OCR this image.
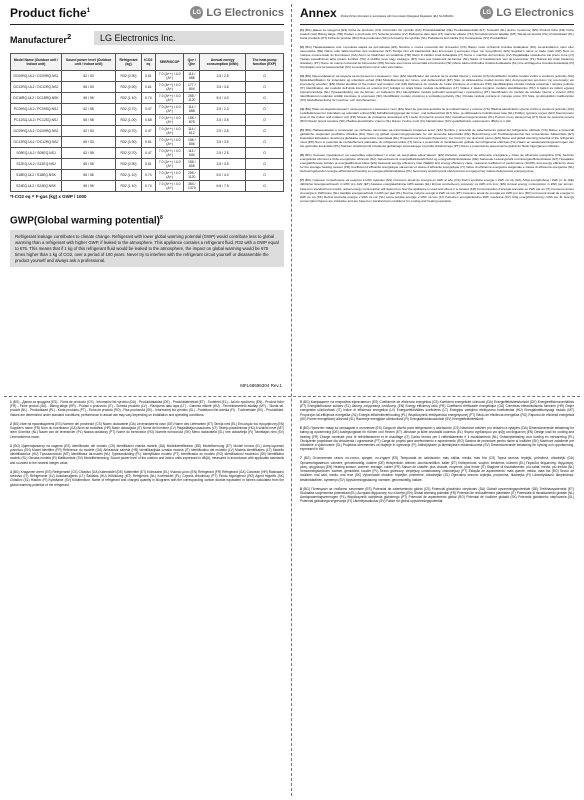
Product fiche$^1$	LG LG Electronics
Manufacturer$^2$	LG Electronics Inc.
Model Name (Outdoor unit / Indoor unit)	Sound power level (Outdoor unit / Indoor unit)	Refrigerant (kg)	tCO2 eq	SEER/SCOP	Qce / Qhe	Annual energy consumption (kWh)	The heat pump function (EXP)
DC09RQ.UL2 / DC09RQ.NSJ	62 / 53	R32 (0.90)	0.61	7.0 (A++) / 4.0 (A+)	114 / 686	2.5 / 2.5	O
DC12RQ.UL2 / DC12RQ.NSJ	65 / 53	R32 (0.90)	0.61	7.0 (A++) / 4.0 (A+)	177 / 804	3.5 / 3.6	O
DC18RQ.UL2 / DC18RQ.NSK	65 / 59	R32 (1.10)	0.74	7.0 (A++) / 4.0 (A+)	255 / 1120	5.0 / 4.0	O
PC09SQ.UL2 / PC09SQ.NSJ	62 / 55	R32 (0.70)	0.47	7.0 (A++) / 4.0 (A+)	114 / 658	2.5 / 2.3	O
PC12SQ.UL2 / PC12SQ.NSJ	65 / 58	R32 (1.00)	0.68	7.0 (A++) / 4.0 (A+)	156 / 875	3.5 / 3.5	O
DC09RQ.UL2 / DC09RQ.NSJ	62 / 53	R32 (0.70)	0.47	7.0 (A++) / 4.0 (A+)	114 / 612	2.5 / 2.5	O
DC12RQ.UL2 / DC12RQ.NSJ	65 / 53	R32 (0.90)	0.61	7.0 (A++) / 4.0 (A+)	156 / 806	3.5 / 3.5	O
S09EQ.UL2 / S09EQ.NSJ	62 / 55	R32 (0.70)	0.47	7.0 (A++) / 4.0 (A+)	114 / 644	2.5 / 2.5	O
S12EQ.UL2 / S12EQ.NSJ	65 / 55	R32 (0.90)	0.61	7.0 (A++) / 4.0 (A+)	156 / 806	3.5 / 3.5	O
S18EQ.UL2 / S18EQ.NSK	65 / 58	R32 (1.10)	0.74	7.0 (A++) / 4.0 (A+)	255 / 1120	5.0 / 4.0	O
S24EQ.UL2 / S24EQ.NSK	65 / 59	R32 (1.10)	0.74	7.0 (A++) / 4.0 (A+)	354 / 1370	6.6 / 7.5	O
*t-CO2 eq = F-gas (kg) x GWP / 1000
GWP(Global warming potential)$^8$
Refrigerant leakage contributes to climate change. Refrigerant with lower global warming potential (GWP) would contribute less to global warming than a refrigerant with higher GWP, if leaked to the atmosphere. This appliance contains a refrigerant fluid, R32 with a GWP equal to 675. This means that if 1 kg of this refrigerant fluid would be leaked to the atmosphere, the impact on global warming would be 675 times higher than 1 kg of CO2, over a period of 100 years. Never try to interfere with the refrigerant circuit yourself or disassemble the product yourself and always ask a professional.
MFL68696304 Rev.1
Annex Product fiche information in accordance with Commission Delegated Regulation (EU) No 626/2011
LG LG Electronics
(1) (BG) Данни за продукта (ES) Ficha de producto (CS) Informační list výrobku (DA) Produktdatablad (DE) Produktdatenblatt (ET) Tooteleht (EL) Δελτίο προϊόντος (EN) Product fiche (FR) Fiche produit (GA) Bileog táirge (HR) Podaci o proizvodu (IT) Scheda prodotto (LV) Ražojuma datu lapa (LT) Gaminio etiketė (HU) Termékismertető adatlap (MT) Skeda tal-prodott (NL) Productkaart (PL) Karta produktu (PT) Ficha de produto (RO) Fișa produsului (SK) Informačný list výrobku (SL) Podatkovni list izdelka (FI) Tuoteseloste (SV) Produktblad.
(2) (BG) Наименование или търговска марка на доставчика (ES) Nombre o marca comercial del proveedor (CS) Název nebo ochranná známka dodavatele (DA) Leverandørens navn eller varemærke (DE) Name oder Warenzeichen des Lieferanten (ET) Tarnija nimi või kaubamärk (EL) Επωνυμία ή εμπορικό σήμα του προμηθευτή (EN) Supplier's name or trade mark (FR) Nom ou marque commerciale du fournisseur (GA) Ainm nó trádmharc an tsoláthraí (HR) Naziv ili zaštitni znak dobavljača (IT) Nome o marchio del fornitore (LV) Piegādātāja nosaukums vai preču zīme (LT) Tiekėjo pavadinimas arba prekės ženklas (HU) A szállító neve vagy védjegye (MT) Isem jew trademark tal-fornitur (NL) Naam of handelsmerk van de leverancier (PL) Nazwa lub znak towarowy dostawcy (PT) Nome ou marca comercial do fornecedor (RO) Numele sau marca comercială a furnizorului (SK) Meno alebo obchodná značka dodávateľa (SL) Ime ali blagovna znamka dobavitelja (FI) Toimittajan nimi tai tavaramerkki (SV) Leverantörens namn eller varumärke.
(3) (BG) Идентификатор на модела на вътрешното и външното тяло (ES) Identificador del modelo de la unidad interior y exterior (CS) Identifikační značka modelu vnitřní a venkovní jednotky (DA) Modelidentifikation for indendørs og udendørs enhed (DE) Modellkennung der Innen- und Außeneinheit (ET) Sise- ja välisseadme mudeli tunnus (EL) Αναγνωριστικό μοντέλου της εσωτερικής και εξωτερικής μονάδας (EN) Model identifier of the indoor and outdoor unit (FR) Référence du modèle de l'unité intérieure et extérieure (HR) Identifikacijska oznaka modela unutarnje i vanjske jedinice (IT) Identificativo del modello dell'unità interna ed esterna (LV) Iekšējā un ārējā bloka modeļa identifikators (LT) Vidaus ir lauko įrenginio modelio identifikatorius (HU) A beltéri és kültéri egység típusazonosítója (NL) Typeaanduiding van de binnen- en buitenunit (PL) Identyfikator modelu jednostki wewnętrznej i zewnętrznej (PT) Identificador do modelo da unidade interior e exterior (RO) Identificatorul modelului unității interioare și exterioare (SK) Identifikátor modelu vnútornej a vonkajšej jednotky (SL) Oznaka modela notranje in zunanje enote (FI) Sisä- ja ulkoyksikön mallitunniste (SV) Modellbeteckning för inomhus- och utomhusenhet.
(4) (BG) Ниво на звукова мощност на вътрешното и външното тяло (ES) Nivel de potencia acústica de la unidad interior y exterior (CS) Hladina akustického výkonu vnitřní a venkovní jednotky (DA) Lydeffektniveau for indendørs og udendørs enhed (DE) Schallleistungspegel der Innen- und Außeneinheit (ET) Sise- ja välisseadme helivõimsuse tase (EL) Στάθμη ηχητικής ισχύος (EN) Sound power level of the indoor and outdoor unit (FR) Niveau de puissance acoustique (IT) Livello di potenza sonora (NL) Geluidsvermogensniveau (PL) Poziom mocy akustycznej (PT) Nível de potência sonora (RO) Nivelul puterii acustice (SK) Hladina akustického výkonu (SL) Raven zvočne moči (FI) Äänitehotaso (SV) Ljudeffektnivå, expressed in dB(A) re 1 pW.
(5) (BG) Наименование и потенциал за глобално затопляне на използвания хладилен агент (ES) Nombre y potencial de calentamiento global del refrigerante utilizado (CS) Název a potenciál globálního oteplování použitého chladiva (DA) Navn og globalt opvarmningspotentiale for det anvendte kølemiddel (DE) Bezeichnung und Treibhauspotenzial des verwendeten Kältemittels (ET) Kasutatud külmaaine nimetus ja globaalse soojenemise potentsiaal (EL) Ονομασία και δυναμικό θέρμανσης του πλανήτη του ψυκτικού μέσου (EN) Name and global warming potential of the refrigerant used (FR) Nom et potentiel de réchauffement planétaire du réfrigérant utilisé (IT) Nome e potenziale di riscaldamento globale del refrigerante utilizzato (NL) Naam en aardopwarmingsvermogen van het gebruikte koelmiddel (PL) Nazwa i współczynnik ocieplenia globalnego stosowanego czynnika chłodniczego (PT) Nome e potencial de aquecimento global do fluido frigorigéneo utilizado.
(6) (BG) Сезонен коефициент на енергийна ефективност и клас на енергийна ефективност (ES) Relación estacional de eficiencia energética y clase de eficiencia energética (CS) Sezónní energetická účinnost a třída energetické účinnosti (DA) Sæsonbestemt energieffektivitetsforhold og energieffektivitetsklasse (DE) Saisonale Leistungszahl und Energieeffizienzklasse (ET) Hooajaline energiatõhususe suhtarv ja energiatõhususe klass (EN) Seasonal energy efficiency ratio (SEER) and energy efficiency class, seasonal coefficient of performance (SCOP) and energy efficiency class for the average heating season (FR) Coefficient d'efficacité énergétique saisonnier et classe d'efficacité énergétique (IT) Indice di efficienza energetica stagionale e classe di efficienza energetica (NL) Seizoensgebonden energie-efficiëntieverhouding en energie-efficiëntieklasse (PL) Sezonowy współczynnik efektywności energetycznej i klasa efektywności energetycznej.
(7) (BG) Годишно потребление на енергия в kWh годишно (ES) Consumo anual de energía en kWh al año (CS) Roční spotřeba energie v kWh za rok (DA) Årligt energiforbrug i kWh pr. år (DE) Jährlicher Energieverbrauch in kWh pro Jahr (ET) Aastane energiatarbimine kWh aastas (EL) Ετήσια κατανάλωση ενέργειας σε kWh ανά έτος (EN) Annual energy consumption in kWh per annum, based on standard test results; actual energy consumption will depend on how the appliance is used and where it is located (FR) Consommation d'énergie annuelle en kWh par an (IT) Consumo annuo di energia in kWh/anno (NL) Jaarlijks energieverbruik in kWh per jaar (PL) Roczne zużycie energii w kWh na rok (PT) Consumo anual de energia em kWh por ano (RO) Consumul anual de energie în kWh pe an (SK) Ročná spotreba energie v kWh za rok (SL) Letna poraba energije v kWh na leto (FI) Vuotuinen energiankulutus kWh vuodessa (SV) Årlig energiförbrukning i kWh per år. Energy consumption figures are indicative and are based on standard test conditions for cooling and heating operation.
1 (BG) - Данни за продукта (ES) - Ficha de producto (CS) - Informační list výrobku (DA) - Produktdatablad (DE) - Produktdatenblatt (ET) - Tooteleht (EL) - Δελτίο προϊόντος (EN) - Product fiche (FR) - Fiche produit (GA) - Bileog táirge (HR) - Podaci o proizvodu (IT) - Scheda prodotto (LV) - Ražojuma datu lapa (LT) - Gaminio etiketė (HU) - Termékismertető adatlap (MT) - Skeda tal-prodott (NL) - Productkaart (PL) - Karta produktu (PT) - Ficha de produto (RO) - Fișa produsului (SK) - Informačný list výrobku (SL) - Podatkovni list izdelka (FI) - Tuoteseloste (SV) - Produktblad. Values are determined under standard conditions; performance in actual use may vary depending on installation and operating conditions.
2 (BG) Име на производителя (ES) Nombre del proveedor (CS) Název dodavatele (DA) Leverandørens navn (DE) Name des Lieferanten (ET) Tarnija nimi (EL) Επωνυμία του προμηθευτή (EN) Supplier's name (FR) Nom du fournisseur (GA) Ainm an tsoláthraí (HR) Naziv dobavljača (IT) Nome del fornitore (LV) Piegādātāja nosaukums (LT) Tiekėjo pavadinimas (HU) A szállító neve (MT) Isem il-fornitur (NL) Naam van de leverancier (PL) Nazwa dostawcy (PT) Nome do fornecedor (RO) Numele furnizorului (SK) Meno dodávateľa (SL) Ime dobavitelja (FI) Toimittajan nimi (SV) Leverantörens namn.
3 (BG) Идентификатор на модела (ES) Identificador del modelo (CS) Identifikační značka modelu (DA) Modelidentifikation (DE) Modellkennung (ET) Mudeli tunnus (EL) Αναγνωριστικό μοντέλου (EN) Model identifier (FR) Référence du modèle (GA) Aitheantóir samhla (HR) Identifikacijska oznaka modela (IT) Identificativo del modello (LV) Modeļa identifikators (LT) Modelio identifikatorius (HU) Típusazonosító (MT) Identifikatur tal-mudell (NL) Typeaanduiding (PL) Identyfikator modelu (PT) Identificador do modelo (RO) Identificatorul modelului (SK) Identifikátor modelu (SL) Oznaka modela (FI) Mallitunniste (SV) Modellbeteckning. Sound power level of the outdoor and indoor units expressed in dB(A), measured in accordance with applicable standards and rounded to the nearest integer value.
4 (BG) Хладилен агент (ES) Refrigerante (CS) Chladivo (DA) Kølemiddel (DE) Kältemittel (ET) Külmaaine (EL) Ψυκτικό μέσο (EN) Refrigerant (FR) Réfrigérant (GA) Cuisneán (HR) Rashladno sredstvo (IT) Refrigerante (LV) Aukstumaģents (LT) Šaldalas (HU) Hűtőközeg (MT) Refriġerant (NL) Koelmiddel (PL) Czynnik chłodniczy (PT) Fluido frigorigéneo (RO) Agent frigorific (SK) Chladivo (SL) Hladivo (FI) Kylmäaine (SV) Köldmedium. Name of refrigerant and charged quantity in kilograms with the corresponding carbon dioxide equivalent in tonnes calculated from the global warming potential of the refrigerant.
5 (BG) Коефициент на енергийна ефективност (ES) Coeficiente de eficiencia energética (CS) Koeficient energetické účinnosti (DA) Energieffektivitetsforhold (DE) Energieeffizienzverhältnis (ET) Energiatõhususe suhtarv (EL) Δείκτης ενεργειακής απόδοσης (EN) Energy efficiency ratio (FR) Coefficient d'efficacité énergétique (GA) Cóimheas éifeachtúlachta fuinnimh (HR) Omjer energetske učinkovitosti (IT) Indice di efficienza energetica (LV) Energoefektivitātes koeficients (LT) Energijos vartojimo efektyvumo koeficientas (HU) Energiahatékonysági mutató (MT) Proporzjon tal-effiċjenza enerġetika (NL) Energie-efficiëntieverhouding (PL) Współczynnik efektywności energetycznej (PT) Rácio de eficiência energética (RO) Raportul de eficiență energetică (SK) Pomer energetickej účinnosti (SL) Razmerje energijske učinkovitosti (FI) Energiatehokkuussuhde (SV) Energieffektivitetskvot.
6 (BG) Проектен товар за охлаждане и отопление (ES) Carga de diseño para refrigeración y calefacción (CS) Návrhové zatížení pro chlazení a vytápění (DA) Dimensionerende belastning for køling og opvarmning (DE) Auslegungslast für Kühlen und Heizen (ET) Jahutuse ja kütte arvutuslik koormus (EL) Φορτίο σχεδιασμού για ψύξη και θέρμανση (EN) Design load for cooling and heating (FR) Charge nominale pour le refroidissement et le chauffage (IT) Carico teorico per il raffreddamento e il riscaldamento (NL) Ontwerpbelasting voor koeling en verwarming (PL) Obciążenie projektowe dla chłodzenia i ogrzewania (PT) Carga de projeto para arrefecimento e aquecimento (RO) Sarcina de proiectare pentru răcire și încălzire (SK) Návrhové zaťaženie pre chladenie a vykurovanie (SL) Projektna obremenitev za hlajenje in ogrevanje (FI) Jäähdytyksen ja lämmityksen mitoituskuorma (SV) Dimensionerande belastning för kylning och uppvärmning, expressed in kW.
7 (BG) Отоплителен сезон: по-топъл, среден, по-студен (ES) Temporada de calefacción: más cálida, media, más fría (CS) Topná sezóna: teplejší, průměrná, chladnější (DA) Opvarmningssæson: varmere, gennemsnitlig, koldere (DE) Heizperiode: wärmer, durchschnittlich, kälter (ET) Kütteperiood: soojem, keskmine, külmem (EL) Περίοδος θέρμανσης: θερμότερη, μέση, ψυχρότερη (EN) Heating season: warmer, average, colder (FR) Saison de chauffe: plus chaude, moyenne, plus froide (IT) Stagione di riscaldamento: più calda, media, più fredda (NL) Verwarmingsseizoen: warmer, gemiddeld, kouder (PL) Sezon grzewczy: cieplejszy, umiarkowany, chłodniejszy (PT) Estação de aquecimento: mais quente, média, mais fria (RO) Sezon de încălzire: mai cald, mediu, mai rece (SK) Vykurovacie obdobie: teplejšie, priemerné, chladnejšie (SL) Ogrevalna sezona: toplejša, povprečna, hladnejša (FI) Lämmityskausi: lämpimämpi, keskimääräinen, kylmempi (SV) Uppvärmningssäsong: varmare, genomsnittlig, kallare.
8 (BG) Потенциал за глобално затопляне (ES) Potencial de calentamiento global (CS) Potenciál globálního oteplování (DA) Globalt opvarmningspotentiale (DE) Treibhauspotenzial (ET) Globaalse soojenemise potentsiaal (EL) Δυναμικό θέρμανσης του πλανήτη (EN) Global warming potential (FR) Potentiel de réchauffement planétaire (IT) Potenziale di riscaldamento globale (NL) Aardopwarmingsvermogen (PL) Współczynnik ocieplenia globalnego (PT) Potencial de aquecimento global (RO) Potențial de încălzire globală (SK) Potenciál globálneho otepľovania (SL) Potencial globalnega segrevanja (FI) Lämmitysvaikutus (SV) Faktor för global uppvärmningspotential.
